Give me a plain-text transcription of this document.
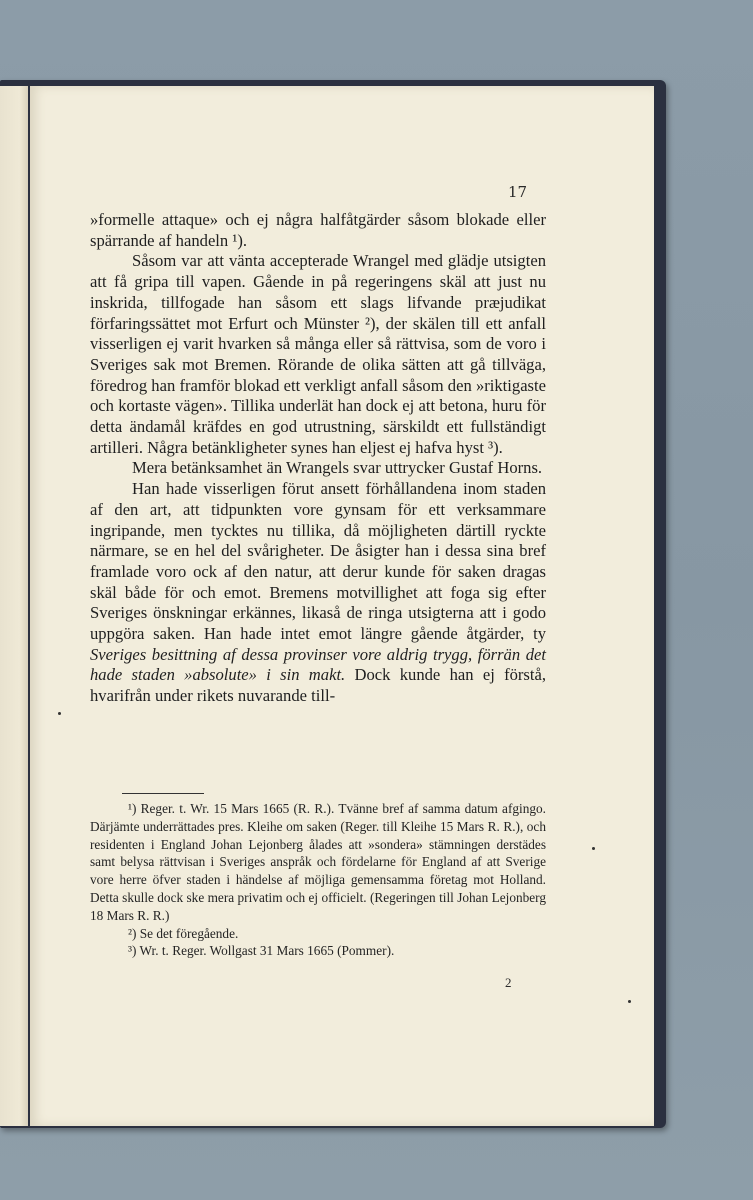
17

»formelle attaque» och ej några halfåtgärder såsom blokade eller spärrande af handeln ¹).

Såsom var att vänta accepterade Wrangel med glädje utsigten att få gripa till vapen. Gående in på regeringens skäl att just nu inskrida, tillfogade han såsom ett slags lifvande præjudikat förfaringssättet mot Erfurt och Münster ²), der skälen till ett anfall visserligen ej varit hvarken så många eller så rättvisa, som de voro i Sveriges sak mot Bremen. Rörande de olika sätten att gå tillväga, föredrog han framför blokad ett verkligt anfall såsom den »riktigaste och kortaste vägen». Tillika underlät han dock ej att betona, huru för detta ändamål kräfdes en god utrustning, särskildt ett fullständigt artilleri. Några betänkligheter synes han eljest ej hafva hyst ³).

Mera betänksamhet än Wrangels svar uttrycker Gustaf Horns.

Han hade visserligen förut ansett förhållandena inom staden af den art, att tidpunkten vore gynsam för ett verksammare ingripande, men tycktes nu tillika, då möjligheten därtill ryckte närmare, se en hel del svårigheter. De åsigter han i dessa sina bref framlade voro ock af den natur, att derur kunde för saken dragas skäl både för och emot. Bremens motvillighet att foga sig efter Sveriges önskningar erkännes, likaså de ringa utsigterna att i godo uppgöra saken. Han hade intet emot längre gående åtgärder, ty Sveriges besittning af dessa provinser vore aldrig trygg, förrän det hade staden »absolute» i sin makt. Dock kunde han ej förstå, hvarifrån under rikets nuvarande till-

¹) Reger. t. Wr. 15 Mars 1665 (R. R.). Tvänne bref af samma datum afgingo. Därjämte underrättades pres. Kleihe om saken (Reger. till Kleihe 15 Mars R. R.), och residenten i England Johan Lejonberg ålades att »sondera» stämningen derstädes samt belysa rättvisan i Sveriges anspråk och fördelarne för England af att Sverige vore herre öfver staden i händelse af möjliga gemensamma företag mot Holland. Detta skulle dock ske mera privatim och ej officielt. (Regeringen till Johan Lejonberg 18 Mars R. R.)

²) Se det föregående.

³) Wr. t. Reger. Wollgast 31 Mars 1665 (Pommer).

2
